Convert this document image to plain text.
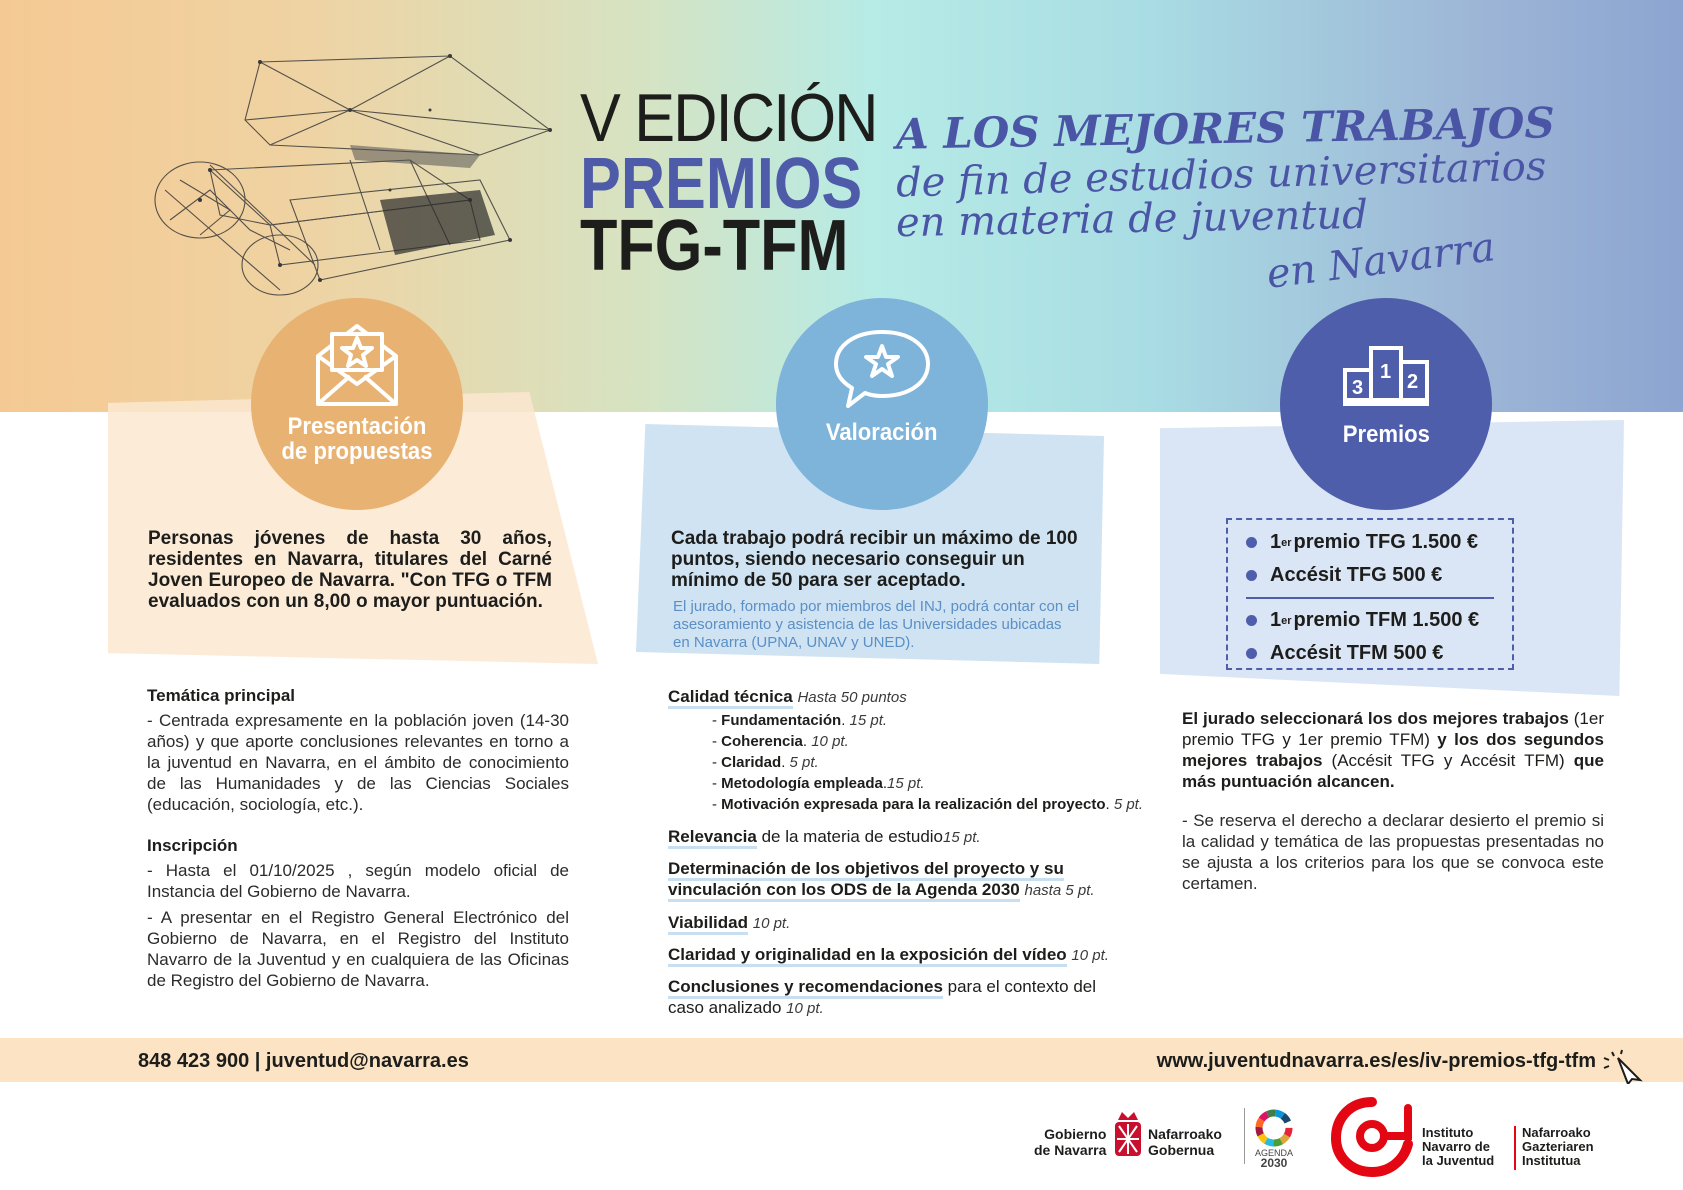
V EDICIÓN
PREMIOS
TFG-TFM
A LOS MEJORES TRABAJOS
de fin de estudios universitarios
en materia de juventud
en Navarra
Presentación
de propuestas
Valoración
1 2
3
Premios
Personas jóvenes de hasta 30 años, residentes en Navarra, titulares del Carné Joven Europeo de Navarra. "Con TFG o TFM evaluados con un 8,00 o mayor puntuación.
Temática principal
- Centrada expresamente en la población joven (14-30 años) y que aporte conclusiones relevantes en torno a la juventud en Navarra, en el ámbito de conocimiento de las Humanidades y de las Ciencias Sociales (educación, sociología, etc.).
Inscripción
- Hasta el 01/10/2025 , según modelo oficial de Instancia del Gobierno de Navarra.
- A presentar en el Registro General Electrónico del Gobierno de Navarra, en el Registro del Instituto Navarro de la Juventud y en cualquiera de las Oficinas de Registro del Gobierno de Navarra.
Cada trabajo podrá recibir un máximo de 100 puntos, siendo necesario conseguir un mínimo de 50 para ser aceptado.
El jurado, formado por miembros del INJ, podrá contar con el asesoramiento y asistencia de las Universidades ubicadas en Navarra (UPNA, UNAV y UNED).
Calidad técnica Hasta 50 puntos
- Fundamentación. 15 pt.
- Coherencia. 10 pt.
- Claridad. 5 pt.
- Metodología empleada.15 pt.
- Motivación expresada para la realización del proyecto. 5 pt.
Relevancia de la materia de estudio15 pt.
Determinación de los objetivos del proyecto y su
vinculación con los ODS de la Agenda 2030 hasta 5 pt.
Viabilidad 10 pt.
Claridad y originalidad en la exposición del vídeo 10 pt.
Conclusiones y recomendaciones para el contexto del
caso analizado 10 pt.
1 er premio TFG 1.500 €
Accésit TFG 500 €
1 er premio TFM 1.500 €
Accésit TFM 500 €
El jurado seleccionará los dos mejores trabajos (1er premio TFG y 1er premio TFM) y los dos segundos mejores trabajos (Accésit TFG y Accésit TFM) que más puntuación alcancen.
- Se reserva el derecho a declarar desierto el premio si la calidad y temática de las propuestas presentadas no se ajusta a los criterios para los que se convoca este certamen.
848 423 900 | juventud@navarra.es	www.juventudnavarra.es/es/iv-premios-tfg-tfm
Gobierno
de Navarra
Nafarroako
Gobernua	AGENDA
2030
Instituto
Navarro de
la Juventud
Nafarroako
Gazteriaren
Institutua
